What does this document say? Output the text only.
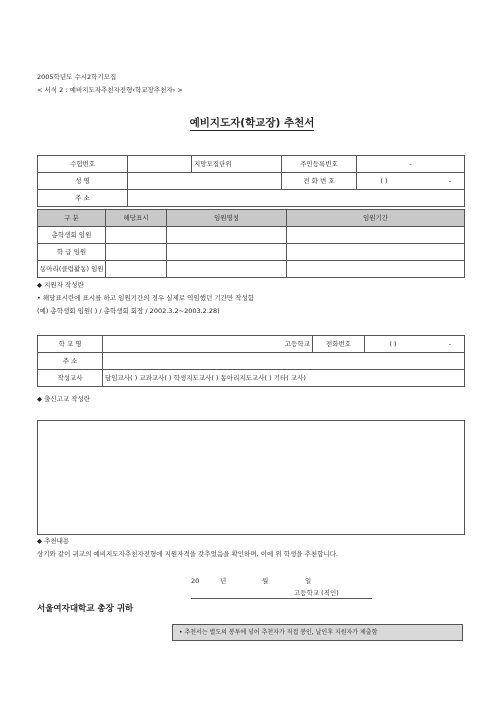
2005학년도 수시2학기모집
< 서식 2 : 예비지도자추천자전형‹학교장추천자› >
예비지도자(학교장) 추천서
수험번호		지망모집단위	주민등록번호	-
성 명			전 화 번 호	( ) -
주 소				
구 분	해당표시	임원명칭	임원기간
총학생회 임원			
학 급 임원			
동아리(클럽활동) 임원			
◆ 지원자 작성란
• 해당표시란에 표시를 하고 임원기간의 경우 실제로 역임했던 기간만 작성함
(예) 총학생회 임원( ) / 총학생회 회장 / 2002.3.2~2003.2.28)
학 교 명	고등학교	전화번호	( ) -
주 소			
작성교사	담임교사( ) 교과교사( ) 학생지도교사( ) 동아리지도교사( ) 기타( 교사)		
◆ 출신고교 작성란
◆ 추천내용
상기와 같이 귀교의 예비지도자추천자전형에 지원자격을 갖추었음을 확인하며, 이에 위 학생을 추천합니다.
20	년	월	일
고등학교 (직인)
서울여자대학교 총장 귀하
• 추천서는 별도의 봉투에 넣어 추천자가 직접 봉인, 날인후 지원자가 제출함
